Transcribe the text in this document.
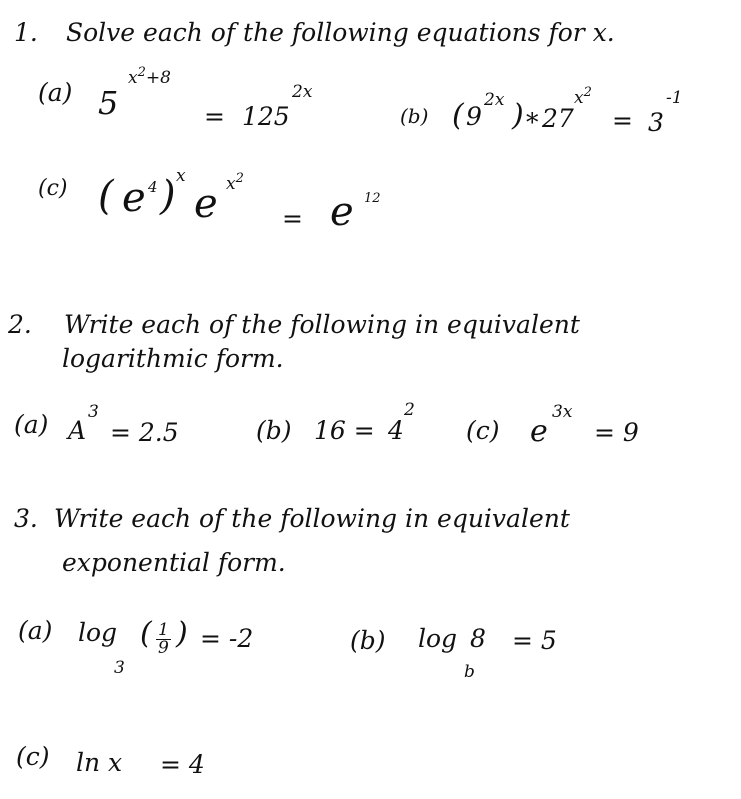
1. Solve each of the following equations for x.
(a) 5
$x^2+8$
= 125
2x
(b) ( 9
2x ) * 27
$x^2$
= 3
-1
(c) ( e 4 ) x
e $x^2$
= e 12
2. Write each of the following in equivalent
logarithmic form.
(a) A
3
= 2.5	(b) 16 = 4
2
(c) e
3x
= 9
3. Write each of the following in equivalent
exponential form.
(a) log
3
( $\frac{1}{9}$ ) = -2	(b) log 8
b
= 5
(c) ln x = 4
